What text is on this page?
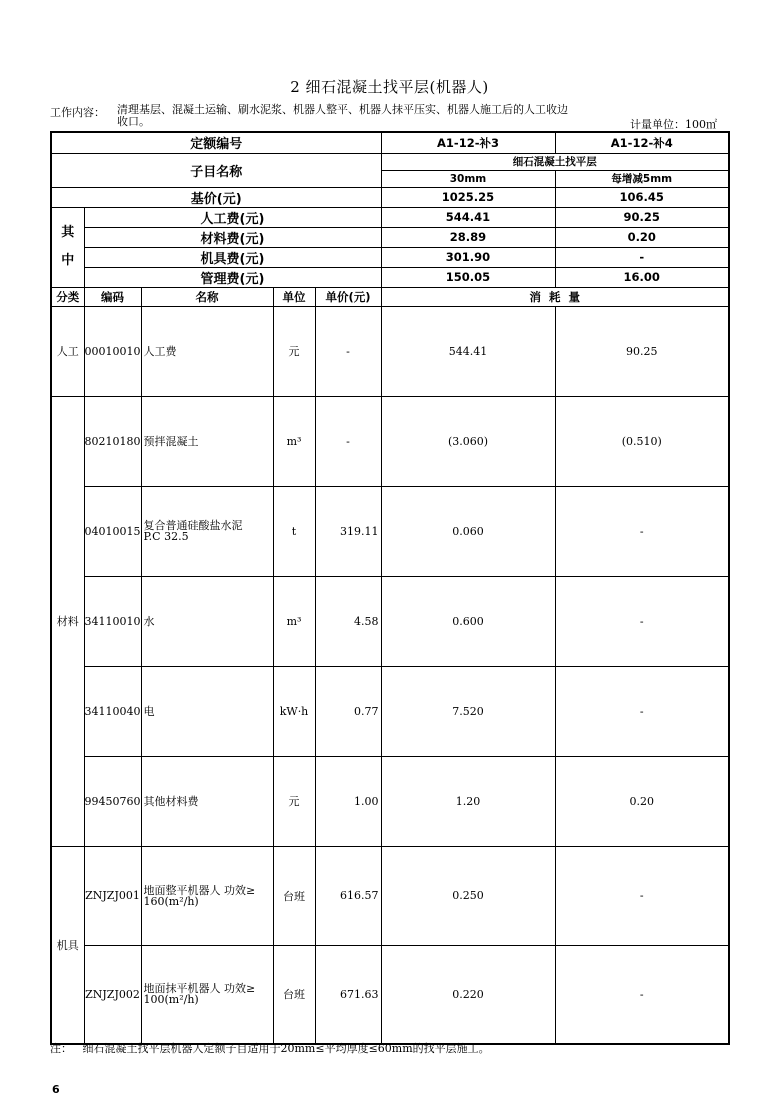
2 细石混凝土找平层(机器人)
工作内容： 清理基层、混凝土运输、刷水泥浆、机器人整平、机器人抹平压实、机器人施工后的人工收边收口。	计量单位：100㎡
定额编号					A1-12-补3	A1-12-补4
子目名称					细石混凝土找平层	
					30mm	每增减5mm
基价(元)					1025.25	106.45
其中	人工费(元)				544.41	90.25
	材料费(元)				28.89	0.20
	机具费(元)				301.90	-
	管理费(元)				150.05	16.00
分类	编码	名称	单位	单价(元)	消  耗  量	
人工	00010010	人工费	元	-	544.41	90.25
材料	80210180	预拌混凝土	m³	-	(3.060)	(0.510)
	04010015	复合普通硅酸盐水泥
P.C 32.5	t	319.11	0.060	-
	34110010	水	m³	4.58	0.600	-
	34110040	电	kW·h	0.77	7.520	-
	99450760	其他材料费	元	1.00	1.20	0.20
机具	ZNJZJ001	地面整平机器人 功效≥
160(m²/h)	台班	616.57	0.250	-
	ZNJZJ002	地面抹平机器人 功效≥
100(m²/h)	台班	671.63	0.220	-
注：   细石混凝土找平层机器人定额子目适用于20mm≤平均厚度≤60mm的找平层施工。
6
